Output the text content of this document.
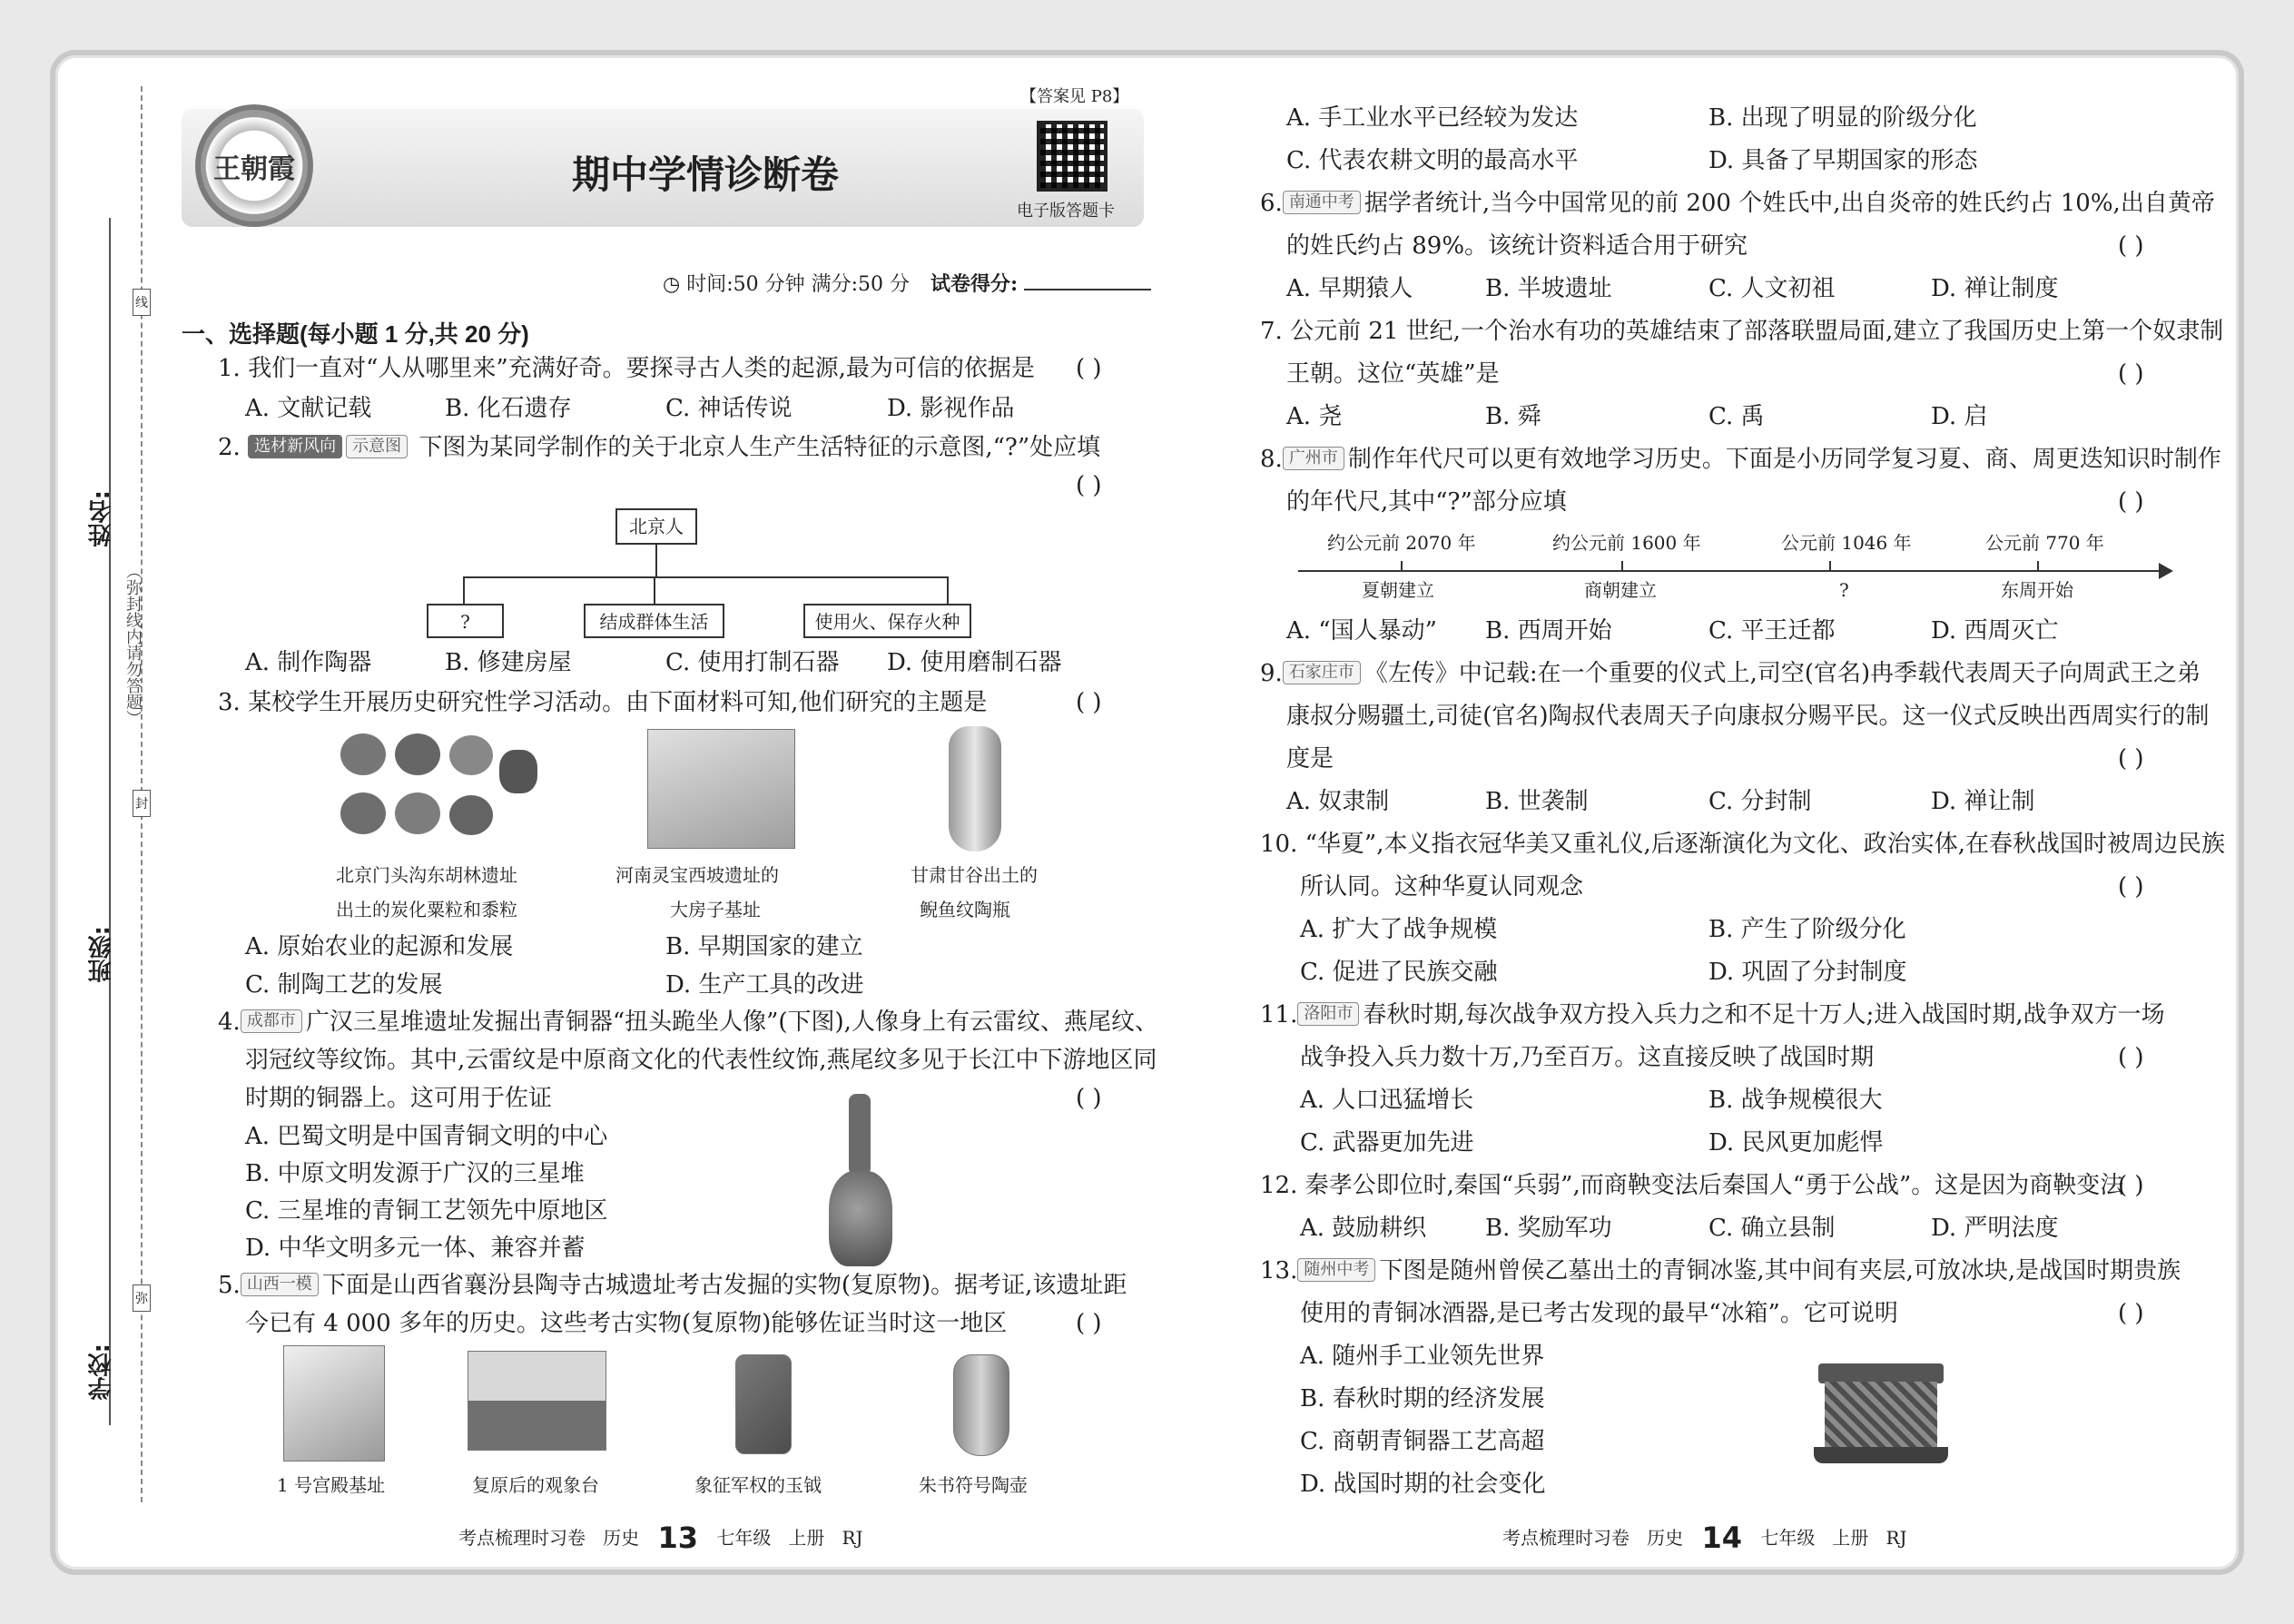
姓名:
班级:
学校:
（弥封线内请勿答题）
线
封
弥
王朝霞	期中学情诊断卷
【答案见 P8】
电子版答题卡
◷ 时间:50 分钟 满分:50 分 试卷得分:
一、选择题(每小题 1 分,共 20 分)
1. 我们一直对“人从哪里来”充满好奇。要探寻古人类的起源,最为可信的依据是 ( )
A. 文献记载	B. 化石遗存	C. 神话传说	D. 影视作品
2. 选材新风向 示意图 下图为某同学制作的关于北京人生产生活特征的示意图,“?”处应填
( )
北京人
?	结成群体生活	使用火、保存火种
A. 制作陶器	B. 修建房屋	C. 使用打制石器 D. 使用磨制石器
3. 某校学生开展历史研究性学习活动。由下面材料可知,他们研究的主题是	( )
北京门头沟东胡林遗址
出土的炭化粟粒和黍粒
河南灵宝西坡遗址的
大房子基址
甘肃甘谷出土的
鲵鱼纹陶瓶
A. 原始农业的起源和发展	B. 早期国家的建立
C. 制陶工艺的发展	D. 生产工具的改进
4. 成都市 广汉三星堆遗址发掘出青铜器“扭头跪坐人像”(下图),人像身上有云雷纹、燕尾纹、
羽冠纹等纹饰。其中,云雷纹是中原商文化的代表性纹饰,燕尾纹多见于长江中下游地区同
时期的铜器上。这可用于佐证	( )
A. 巴蜀文明是中国青铜文明的中心
B. 中原文明发源于广汉的三星堆
C. 三星堆的青铜工艺领先中原地区
D. 中华文明多元一体、兼容并蓄
5. 山西一模 下面是山西省襄汾县陶寺古城遗址考古发掘的实物(复原物)。据考证,该遗址距
今已有 4 000 多年的历史。这些考古实物(复原物)能够佐证当时这一地区	( )
1 号宫殿基址	复原后的观象台	象征军权的玉钺	朱书符号陶壶
考点梳理时习卷 历史 13 七年级 上册 RJ
A. 手工业水平已经较为发达	B. 出现了明显的阶级分化
C. 代表农耕文明的最高水平	D. 具备了早期国家的形态
6. 南通中考 据学者统计,当今中国常见的前 200 个姓氏中,出自炎帝的姓氏约占 10%,出自黄帝
的姓氏约占 89%。该统计资料适合用于研究	( )
A. 早期猿人	B. 半坡遗址	C. 人文初祖	D. 禅让制度
7. 公元前 21 世纪,一个治水有功的英雄结束了部落联盟局面,建立了我国历史上第一个奴隶制
王朝。这位“英雄”是	( )
A. 尧	B. 舜	C. 禹	D. 启
8. 广州市 制作年代尺可以更有效地学习历史。下面是小历同学复习夏、商、周更迭知识时制作
的年代尺,其中“?”部分应填	( )
约公元前 2070 年	约公元前 1600 年	公元前 1046 年	公元前 770 年
夏朝建立	商朝建立	?	东周开始
A. “国人暴动” B. 西周开始	C. 平王迁都	D. 西周灭亡
9. 石家庄市 《左传》中记载:在一个重要的仪式上,司空(官名)冉季载代表周天子向周武王之弟
康叔分赐疆土,司徒(官名)陶叔代表周天子向康叔分赐平民。这一仪式反映出西周实行的制
度是	( )
A. 奴隶制	B. 世袭制	C. 分封制	D. 禅让制
10. “华夏”,本义指衣冠华美又重礼仪,后逐渐演化为文化、政治实体,在春秋战国时被周边民族
所认同。这种华夏认同观念	( )
A. 扩大了战争规模	B. 产生了阶级分化
C. 促进了民族交融	D. 巩固了分封制度
11. 洛阳市 春秋时期,每次战争双方投入兵力之和不足十万人;进入战国时期,战争双方一场
战争投入兵力数十万,乃至百万。这直接反映了战国时期	( )
A. 人口迅猛增长	B. 战争规模很大
C. 武器更加先进	D. 民风更加彪悍
12. 秦孝公即位时,秦国“兵弱”,而商鞅变法后秦国人“勇于公战”。这是因为商鞅变法
( )
A. 鼓励耕织 B. 奖励军功	C. 确立县制	D. 严明法度
13. 随州中考 下图是随州曾侯乙墓出土的青铜冰鉴,其中间有夹层,可放冰块,是战国时期贵族
使用的青铜冰酒器,是已考古发现的最早“冰箱”。它可说明	( )
A. 随州手工业领先世界
B. 春秋时期的经济发展
C. 商朝青铜器工艺高超
D. 战国时期的社会变化
考点梳理时习卷 历史 14 七年级 上册 RJ
